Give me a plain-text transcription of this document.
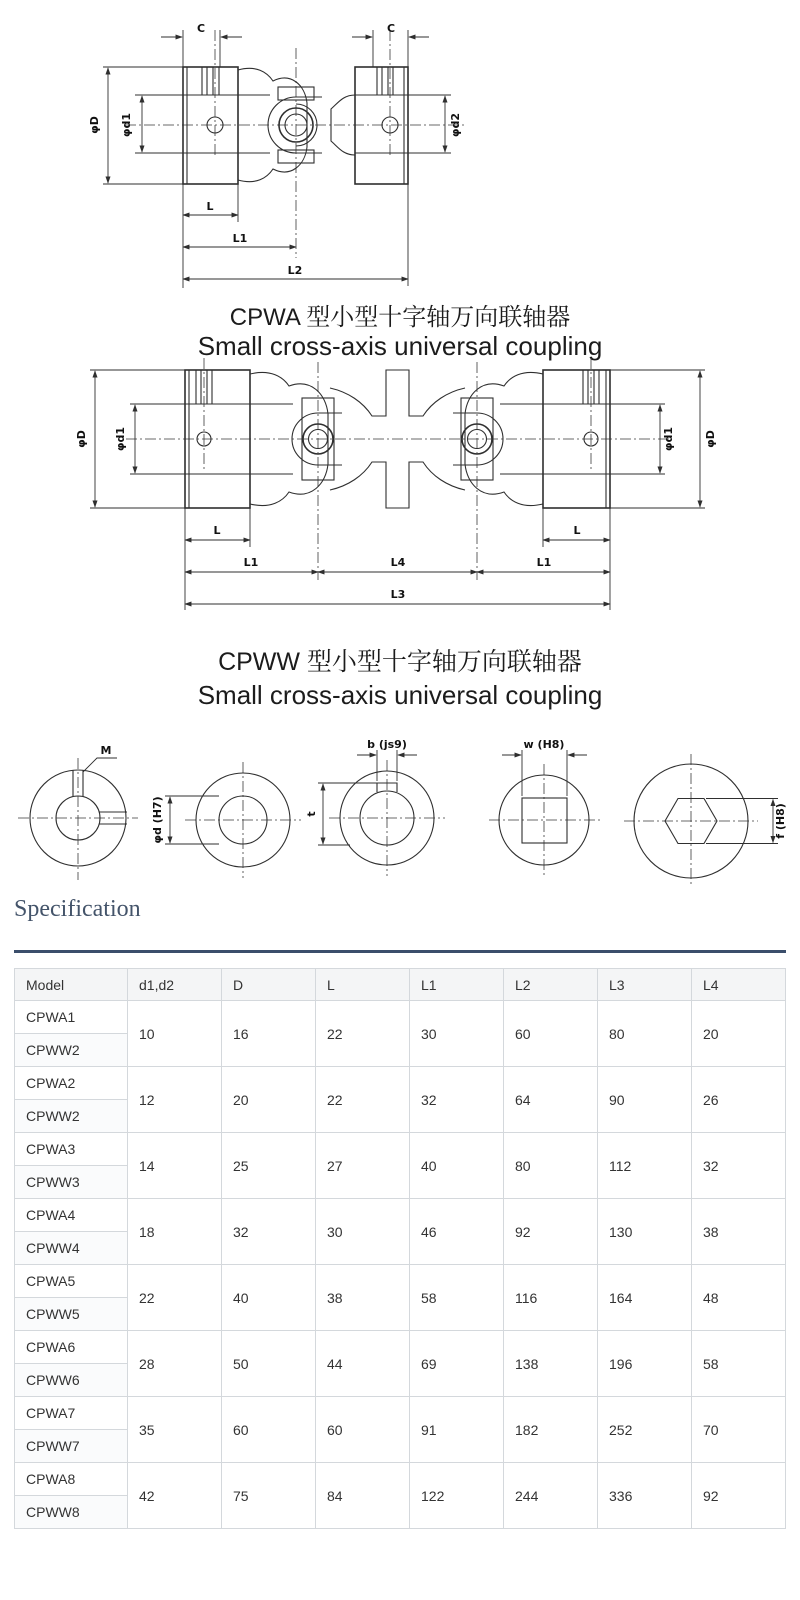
C	C
φD φd1	φd2
L
L1
L2
CPWA 型小型十字轴万向联轴器
Small cross-axis universal coupling
φD φd1	φd1	φD
L	L
L1	L4	L1
L3
CPWW 型小型十字轴万向联轴器
Small cross-axis universal coupling
M
φd (H7)
b (js9)
t
w (H8)
f (H8)
Specification
Model	d1,d2	D	L	L1	L2	L3	L4
CPWA1	10	16	22	30	60	80	20
CPWW2							
CPWA2	12	20	22	32	64	90	26
CPWW2							
CPWA3	14	25	27	40	80	112	32
CPWW3							
CPWA4	18	32	30	46	92	130	38
CPWW4							
CPWA5	22	40	38	58	116	164	48
CPWW5							
CPWA6	28	50	44	69	138	196	58
CPWW6							
CPWA7	35	60	60	91	182	252	70
CPWW7							
CPWA8	42	75	84	122	244	336	92
CPWW8							
